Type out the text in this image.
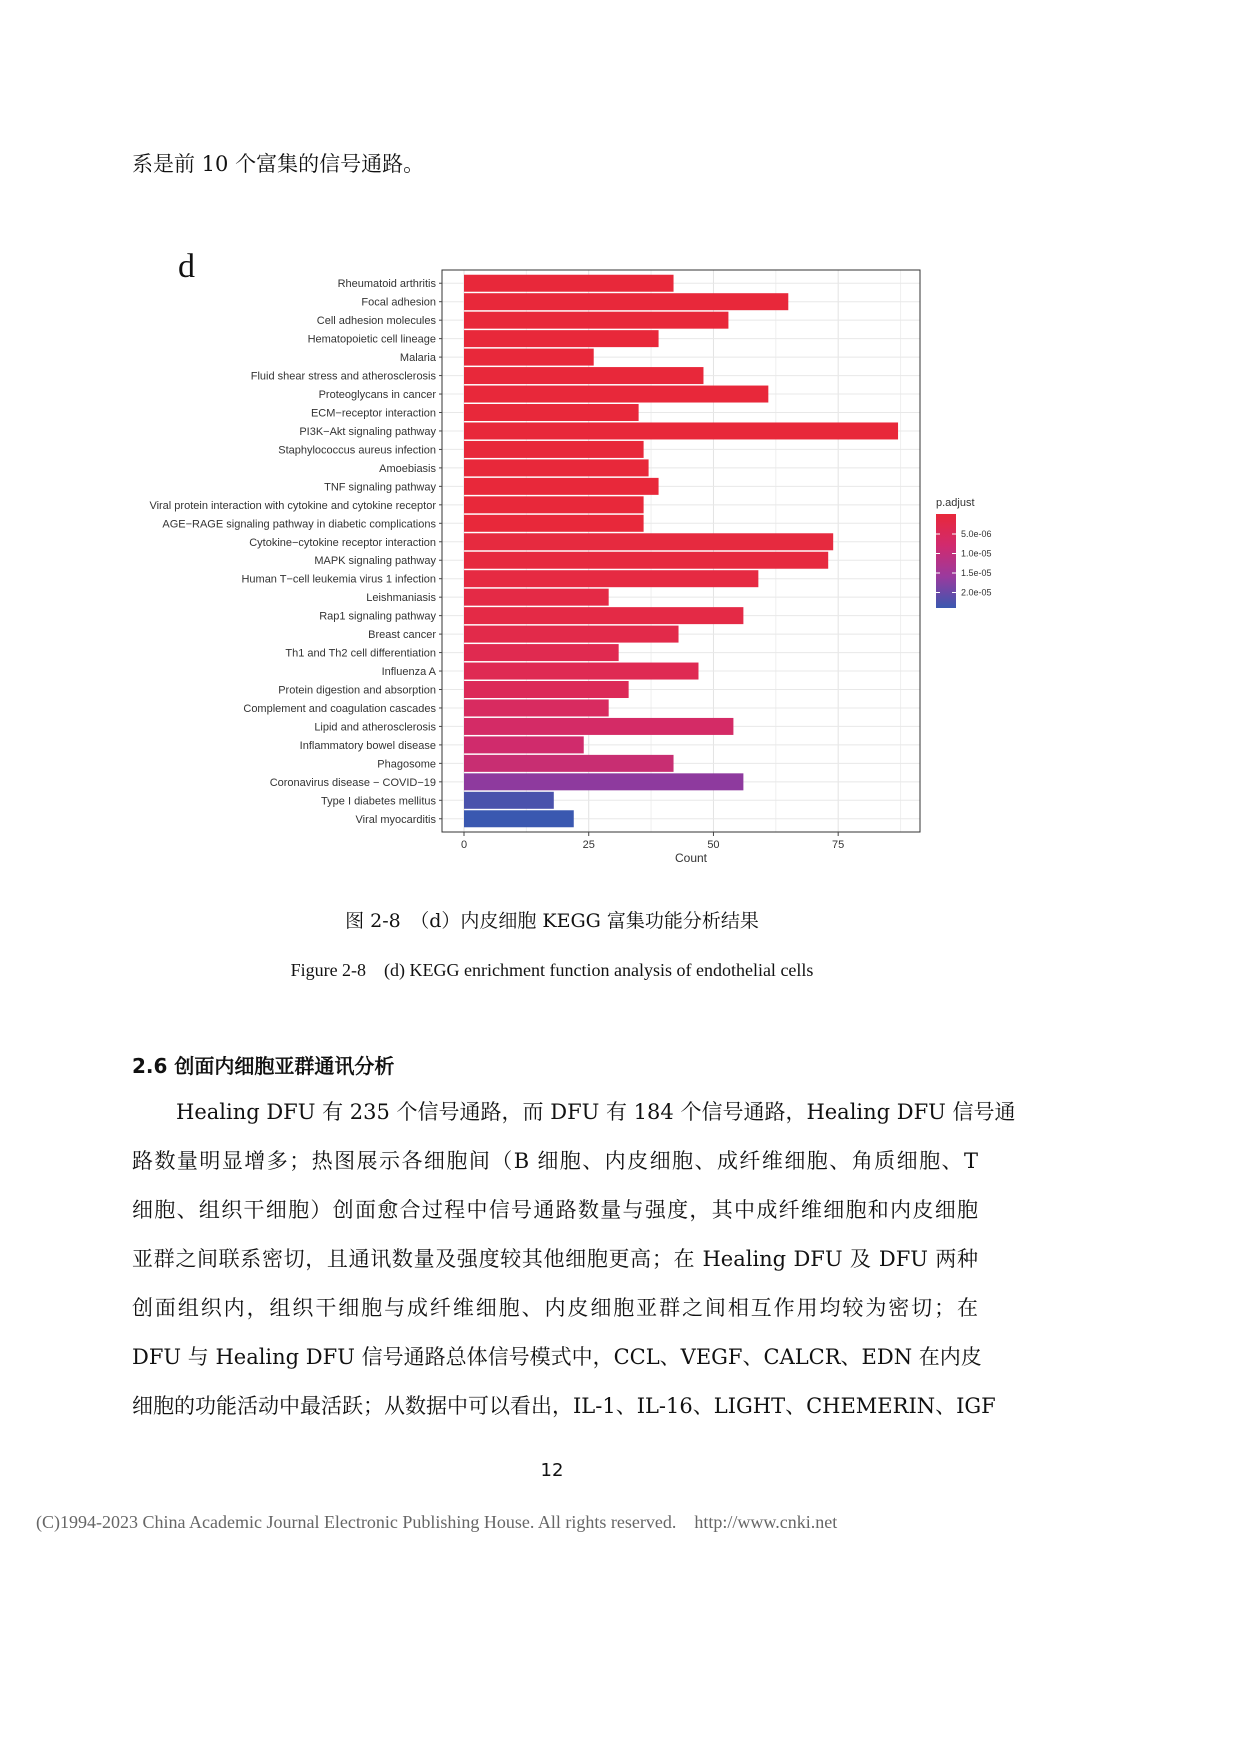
系是前 10 个富集的信号通路。
d	Rheumatoid arthritis
Focal adhesion
Cell adhesion molecules
Hematopoietic cell lineage
Malaria
Fluid shear stress and atherosclerosis
Proteoglycans in cancer
ECM−receptor interaction
PI3K−Akt signaling pathway
Staphylococcus aureus infection
Amoebiasis
TNF signaling pathway
Viral protein interaction with cytokine and cytokine receptor
AGE−RAGE signaling pathway in diabetic complications
Cytokine−cytokine receptor interaction
MAPK signaling pathway
Human T−cell leukemia virus 1 infection
Leishmaniasis
Rap1 signaling pathway
Breast cancer
Th1 and Th2 cell differentiation
Influenza A
Protein digestion and absorption
Complement and coagulation cascades
Lipid and atherosclerosis
Inflammatory bowel disease
Phagosome
Coronavirus disease − COVID−19
Type I diabetes mellitus
Viral myocarditis
0	25	50	75
Count
p.adjust
5.0e-06
1.0e-05
1.5e-05
2.0e-05
图 2-8　（d）内皮细胞 KEGG 富集功能分析结果
Figure 2-8　(d) KEGG enrichment function analysis of endothelial cells
2.6 创面内细胞亚群通讯分析
Healing DFU 有 235 个信号通路，而 DFU 有 184 个信号通路，Healing DFU 信号通
路数量明显增多；热图展示各细胞间（B 细胞、内皮细胞、成纤维细胞、角质细胞、T
细胞、组织干细胞）创面愈合过程中信号通路数量与强度，其中成纤维细胞和内皮细胞
亚群之间联系密切，且通讯数量及强度较其他细胞更高；在 Healing DFU 及 DFU 两种
创面组织内，组织干细胞与成纤维细胞、内皮细胞亚群之间相互作用均较为密切；在
DFU 与 Healing DFU 信号通路总体信号模式中，CCL、VEGF、CALCR、EDN 在内皮
细胞的功能活动中最活跃；从数据中可以看出，IL-1、IL-16、LIGHT、CHEMERIN、IGF
12
(C)1994-2023 China Academic Journal Electronic Publishing House. All rights reserved. http://www.cnki.net
